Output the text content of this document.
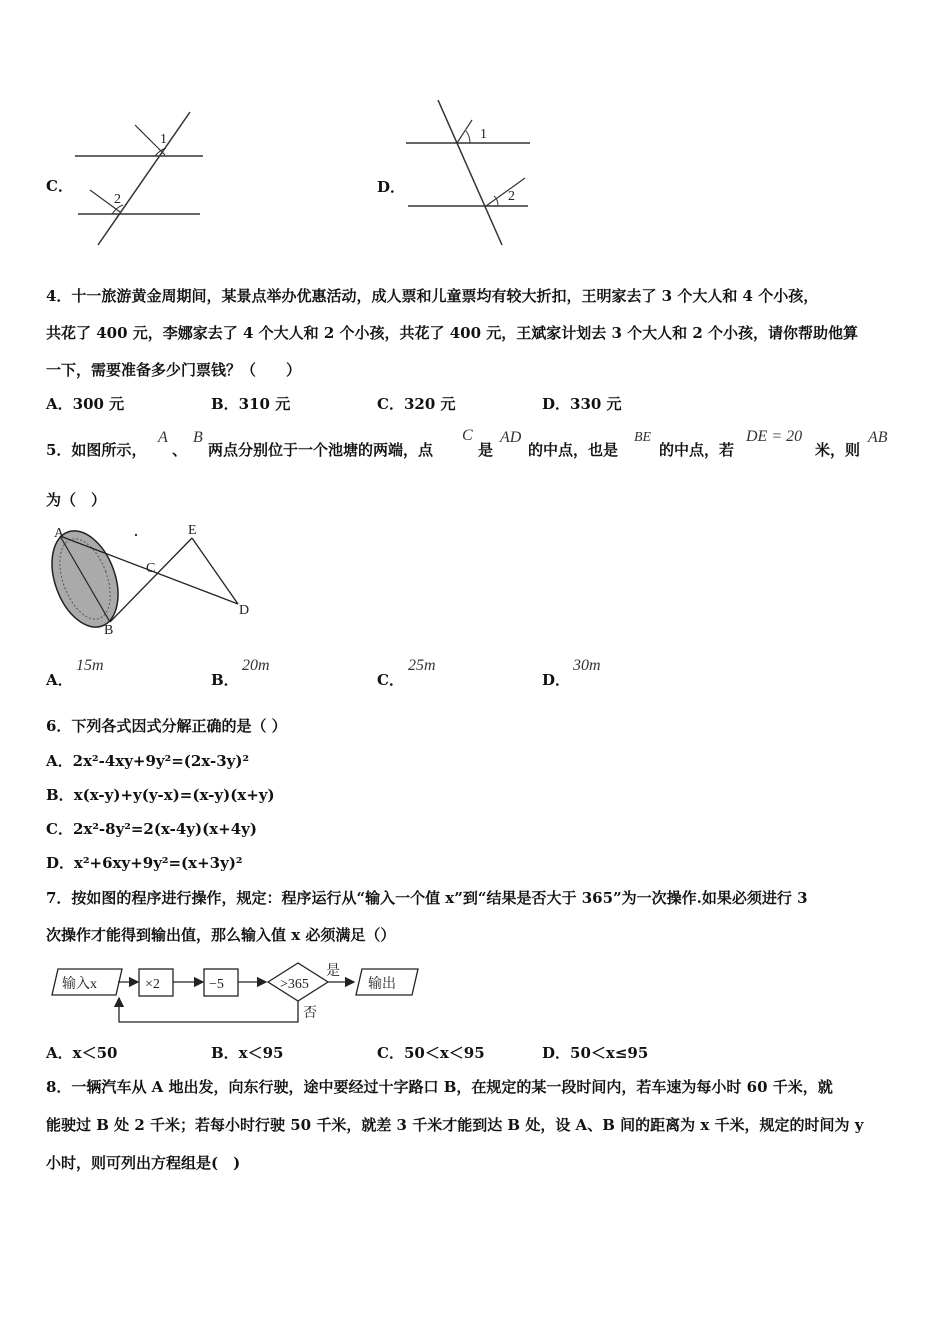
C．
1
2
1
2
D．
4．十一旅游黄金周期间，某景点举办优惠活动，成人票和儿童票均有较大折扣，王明家去了 3 个大人和 4 个小孩，
共花了 400 元，李娜家去了 4 个大人和 2 个小孩，共花了 400 元，王斌家计划去 3 个大人和 2 个小孩，请你帮助他算
一下，需要准备多少门票钱？（　　）
A．300 元	B．310 元	C．320 元	D．330 元
5．如图所示，
A
、
B
两点分别位于一个池塘的两端，点
C
是
AD
的中点，也是
BE
的中点，若
DE = 20
米，则
AB
为（　）
A
B
C
D
E
A．
15m
B．
20m
C．
25m
D．
30m
6．下列各式因式分解正确的是（ ）
A．2x²-4xy+9y²=(2x-3y)²
B．x(x-y)+y(y-x)=(x-y)(x+y)
C．2x²-8y²=2(x-4y)(x+4y)
D．x²+6xy+9y²=(x+3y)²
7．按如图的程序进行操作，规定：程序运行从“输入一个值 x”到“结果是否大于 365”为一次操作.如果必须进行 3
次操作才能得到输出值，那么输入值 x 必须满足（）
输入x	×2	−5	>365
是
输出
否
A．x＜50	B．x＜95	C．50＜x＜95	D．50＜x≤95
8．一辆汽车从 A 地出发，向东行驶，途中要经过十字路口 B，在规定的某一段时间内，若车速为每小时 60 千米，就
能驶过 B 处 2 千米；若每小时行驶 50 千米，就差 3 千米才能到达 B 处，设 A、B 间的距离为 x 千米，规定的时间为 y
小时，则可列出方程组是(　)
